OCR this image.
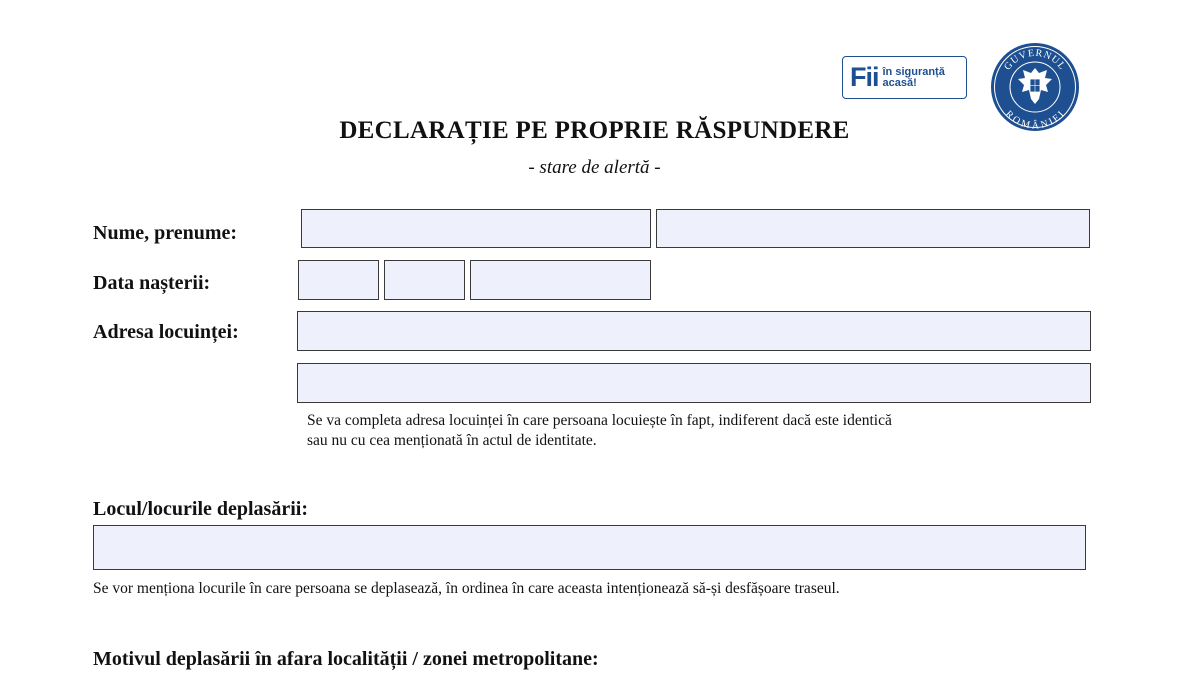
Fii în siguranță
acasă!
GUVERNUL
ROMÂNIEI
DECLARAȚIE PE PROPRIE RĂSPUNDERE
- stare de alertă -
Nume, prenume:
Data nașterii:
Adresa locuinței:
Se va completa adresa locuinței în care persoana locuiește în fapt, indiferent dacă este identică
sau nu cu cea menționată în actul de identitate.
Locul/locurile deplasării:
Se vor menționa locurile în care persoana se deplasează, în ordinea în care aceasta intenționează să-și desfășoare traseul.
Motivul deplasării în afara localității / zonei metropolitane:
